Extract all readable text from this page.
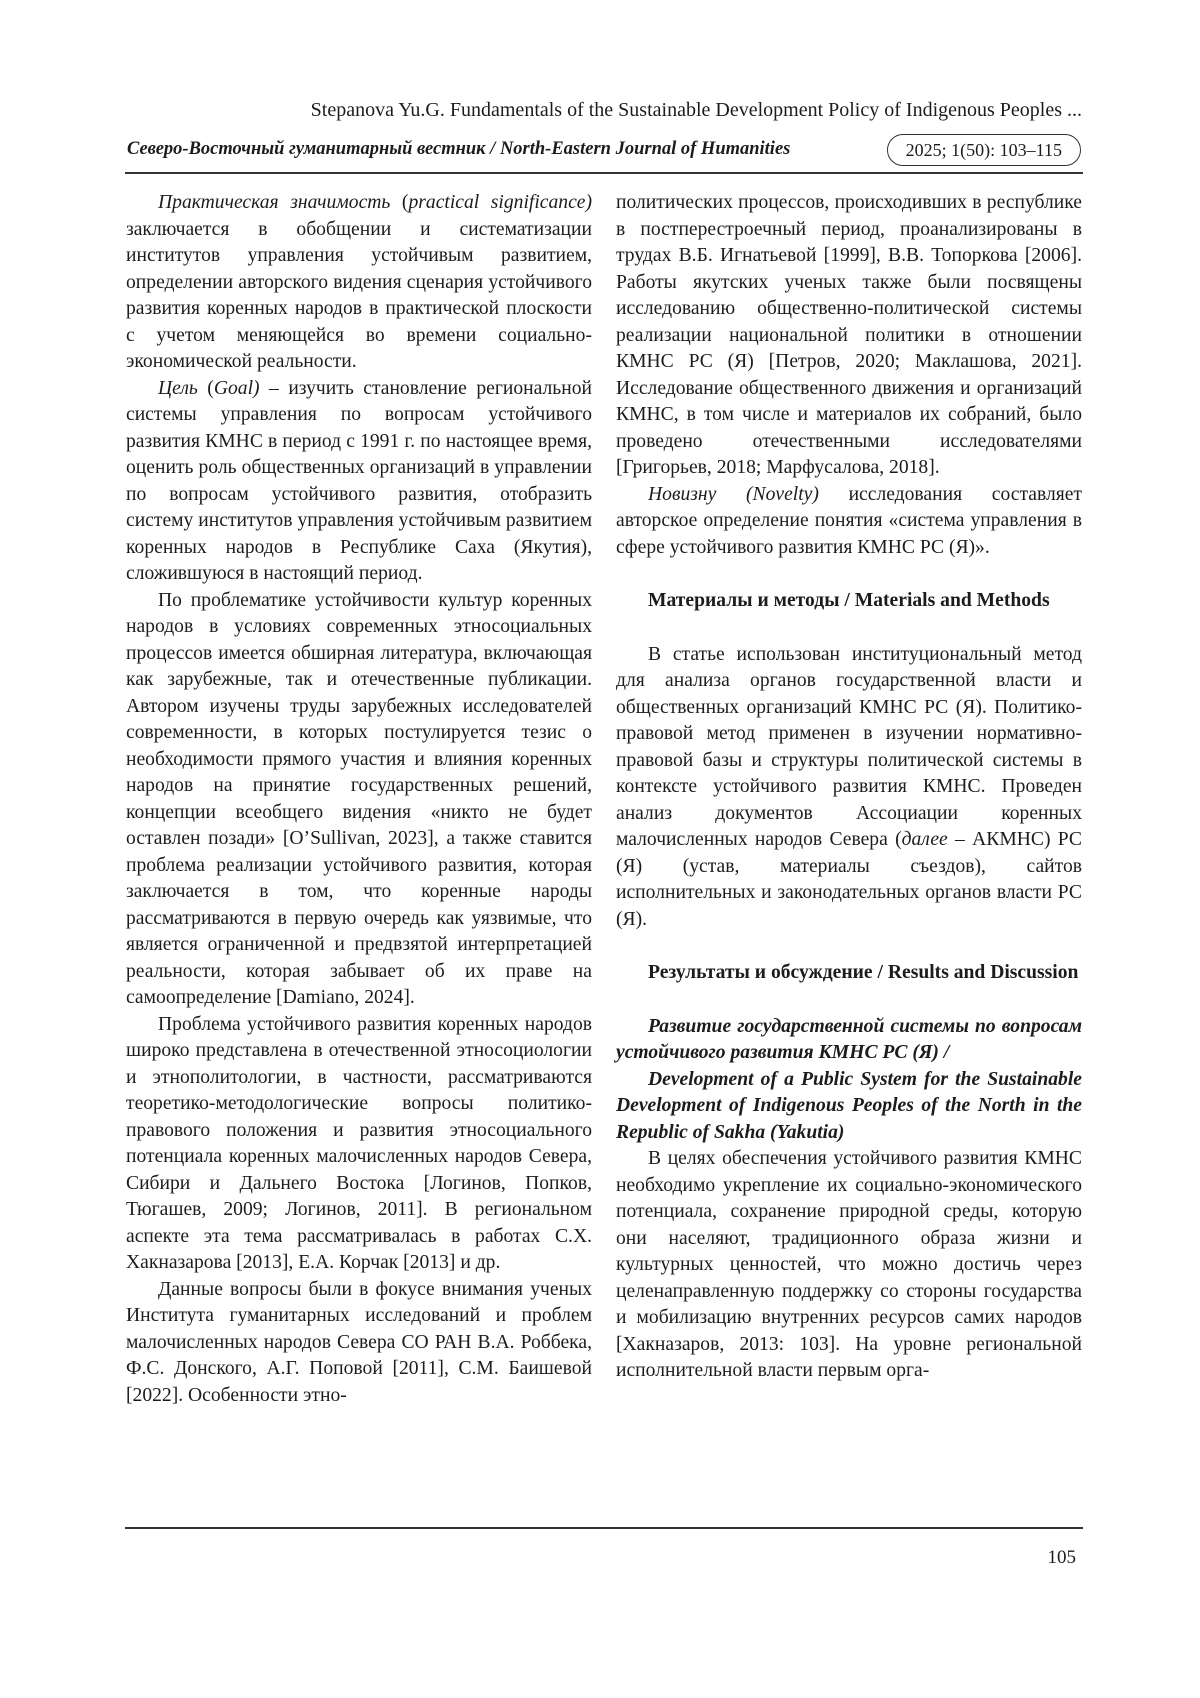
Stepanova Yu.G. Fundamentals of the Sustainable Development Policy of Indigenous Peoples ...
Северо-Восточный гуманитарный вестник / North-Eastern Journal of Humanities	2025; 1(50): 103–115

Практическая значимость (practical significance) заключается в обобщении и систематизации институтов управления устойчивым развитием, определении авторского видения сценария устойчивого развития коренных народов в практической плоскости с учетом меняющейся во времени социально-экономической реальности.

Цель (Goal) – изучить становление региональной системы управления по вопросам устойчивого развития КМНС в период с 1991 г. по настоящее время, оценить роль общественных организаций в управлении по вопросам устойчивого развития, отобразить систему институтов управления устойчивым развитием коренных народов в Республике Саха (Якутия), сложившуюся в настоящий период.

По проблематике устойчивости культур коренных народов в условиях современных этносоциальных процессов имеется обширная литература, включающая как зарубежные, так и отечественные публикации. Автором изучены труды зарубежных исследователей современности, в которых постулируется тезис о необходимости прямого участия и влияния коренных народов на принятие государственных решений, концепции всеобщего видения «никто не будет оставлен позади» [O’Sullivan, 2023], а также ставится проблема реализации устойчивого развития, которая заключается в том, что коренные народы рассматриваются в первую очередь как уязвимые, что является ограниченной и предвзятой интерпретацией реальности, которая забывает об их праве на самоопределение [Damiano, 2024].

Проблема устойчивого развития коренных народов широко представлена в отечественной этносоциологии и этнополитологии, в частности, рассматриваются теоретико-методологические вопросы политико-правового положения и развития этносоциального потенциала коренных малочисленных народов Севера, Сибири и Дальнего Востока [Логинов, Попков, Тюгашев, 2009; Логинов, 2011]. В региональном аспекте эта тема рассматривалась в работах С.Х. Хакназарова [2013], Е.А. Корчак [2013] и др.

Данные вопросы были в фокусе внимания ученых Института гуманитарных исследований и проблем малочисленных народов Севера СО РАН В.А. Роббека, Ф.С. Донского, А.Г. Поповой [2011], С.М. Баишевой [2022]. Особенности этно-

политических процессов, происходивших в республике в постперестроечный период, проанализированы в трудах В.Б. Игнатьевой [1999], В.В. Топоркова [2006]. Работы якутских ученых также были посвящены исследованию общественно-политической системы реализации национальной политики в отношении КМНС РС (Я) [Петров, 2020; Маклашова, 2021]. Исследование общественного движения и организаций КМНС, в том числе и материалов их собраний, было проведено отечественными исследователями [Григорьев, 2018; Марфусалова, 2018].

Новизну (Novelty) исследования составляет авторское определение понятия «система управления в сфере устойчивого развития КМНС РС (Я)».

Материалы и методы / Materials and Methods

В статье использован институциональный метод для анализа органов государственной власти и общественных организаций КМНС РС (Я). Политико-правовой метод применен в изучении нормативно-правовой базы и структуры политической системы в контексте устойчивого развития КМНС. Проведен анализ документов Ассоциации коренных малочисленных народов Севера (далее – АКМНС) РС (Я) (устав, материалы съездов), сайтов исполнительных и законодательных органов власти РС (Я).

Результаты и обсуждение / Results and Discussion

Развитие государственной системы по вопросам устойчивого развития КМНС РС (Я) /

Development of a Public System for the Sustainable Development of Indigenous Peoples of the North in the Republic of Sakha (Yakutia)

В целях обеспечения устойчивого развития КМНС необходимо укрепление их социально-экономического потенциала, сохранение природной среды, которую они населяют, традиционного образа жизни и культурных ценностей, что можно достичь через целенаправленную поддержку со стороны государства и мобилизацию внутренних ресурсов самих народов [Хакназаров, 2013: 103]. На уровне региональной исполнительной власти первым орга-

105
